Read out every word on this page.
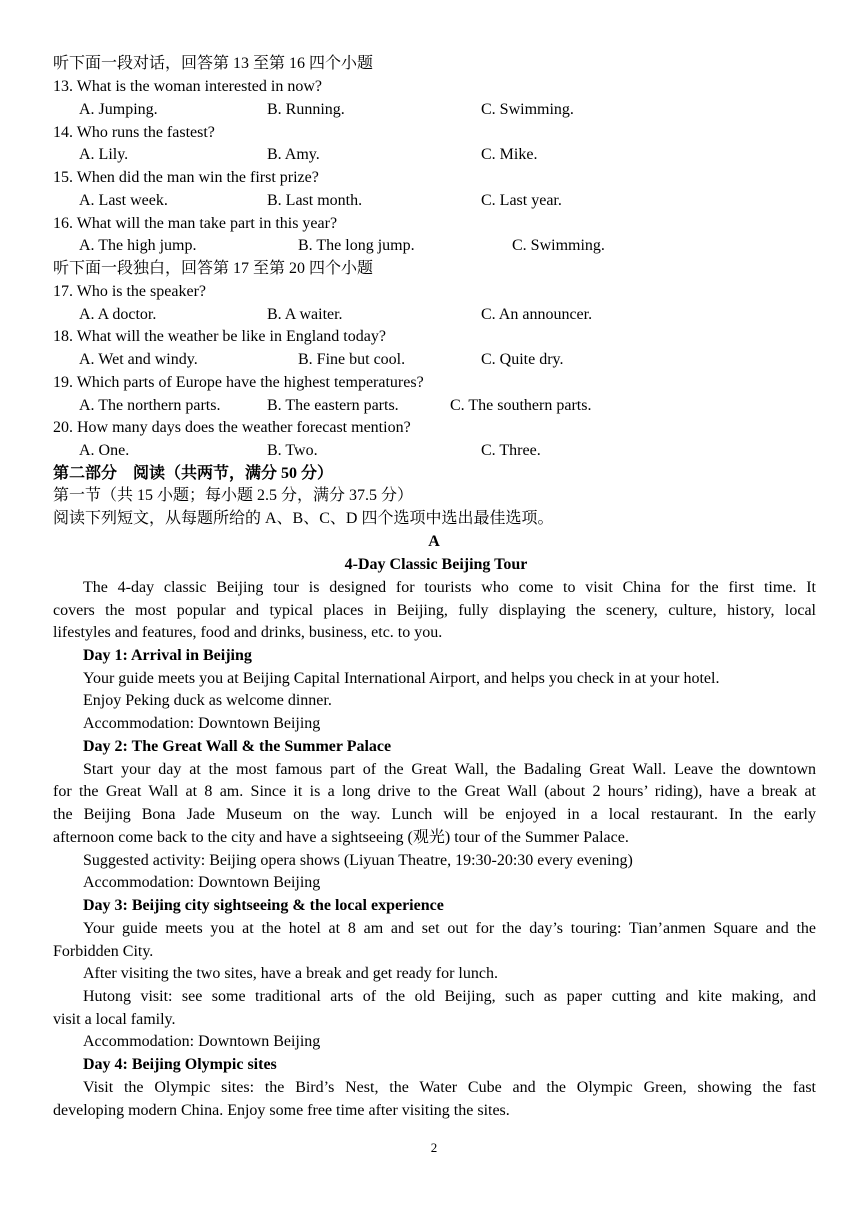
听下面一段对话，回答第 13 至第 16 四个小题
13. What is the woman interested in now?
A. Jumping.	B. Running.	C. Swimming.
14. Who runs the fastest?
A. Lily.	B. Amy.	C. Mike.
15. When did the man win the first prize?
A. Last week.	B. Last month.	C. Last year.
16. What will the man take part in this year?
A. The high jump.	B. The long jump.	C. Swimming.
听下面一段独白，回答第 17 至第 20 四个小题
17. Who is the speaker?
A. A doctor.	B. A waiter.	C. An announcer.
18. What will the weather be like in England today?
A. Wet and windy.	B. Fine but cool.	C. Quite dry.
19. Which parts of Europe have the highest temperatures?
A. The northern parts.	B. The eastern parts.	C. The southern parts.
20. How many days does the weather forecast mention?
A. One.	B. Two.	C. Three.
第二部分　阅读（共两节，满分 50 分）
第一节（共 15 小题；每小题 2.5 分，满分 37.5 分）
阅读下列短文，从每题所给的 A、B、C、D 四个选项中选出最佳选项。
A
4-Day Classic Beijing Tour
The 4-day classic Beijing tour is designed for tourists who come to visit China for the first time. It
covers the most popular and typical places in Beijing, fully displaying the scenery, culture, history, local
lifestyles and features, food and drinks, business, etc. to you.
Day 1: Arrival in Beijing
Your guide meets you at Beijing Capital International Airport, and helps you check in at your hotel.
Enjoy Peking duck as welcome dinner.
Accommodation: Downtown Beijing
Day 2: The Great Wall & the Summer Palace
Start your day at the most famous part of the Great Wall, the Badaling Great Wall. Leave the downtown
for the Great Wall at 8 am. Since it is a long drive to the Great Wall (about 2 hours’ riding), have a break at
the Beijing Bona Jade Museum on the way. Lunch will be enjoyed in a local restaurant. In the early
afternoon come back to the city and have a sightseeing (观光) tour of the Summer Palace.
Suggested activity: Beijing opera shows (Liyuan Theatre, 19:30-20:30 every evening)
Accommodation: Downtown Beijing
Day 3: Beijing city sightseeing & the local experience
Your guide meets you at the hotel at 8 am and set out for the day’s touring: Tian’anmen Square and the
Forbidden City.
After visiting the two sites, have a break and get ready for lunch.
Hutong visit: see some traditional arts of the old Beijing, such as paper cutting and kite making, and
visit a local family.
Accommodation: Downtown Beijing
Day 4: Beijing Olympic sites
Visit the Olympic sites: the Bird’s Nest, the Water Cube and the Olympic Green, showing the fast
developing modern China. Enjoy some free time after visiting the sites.
2
